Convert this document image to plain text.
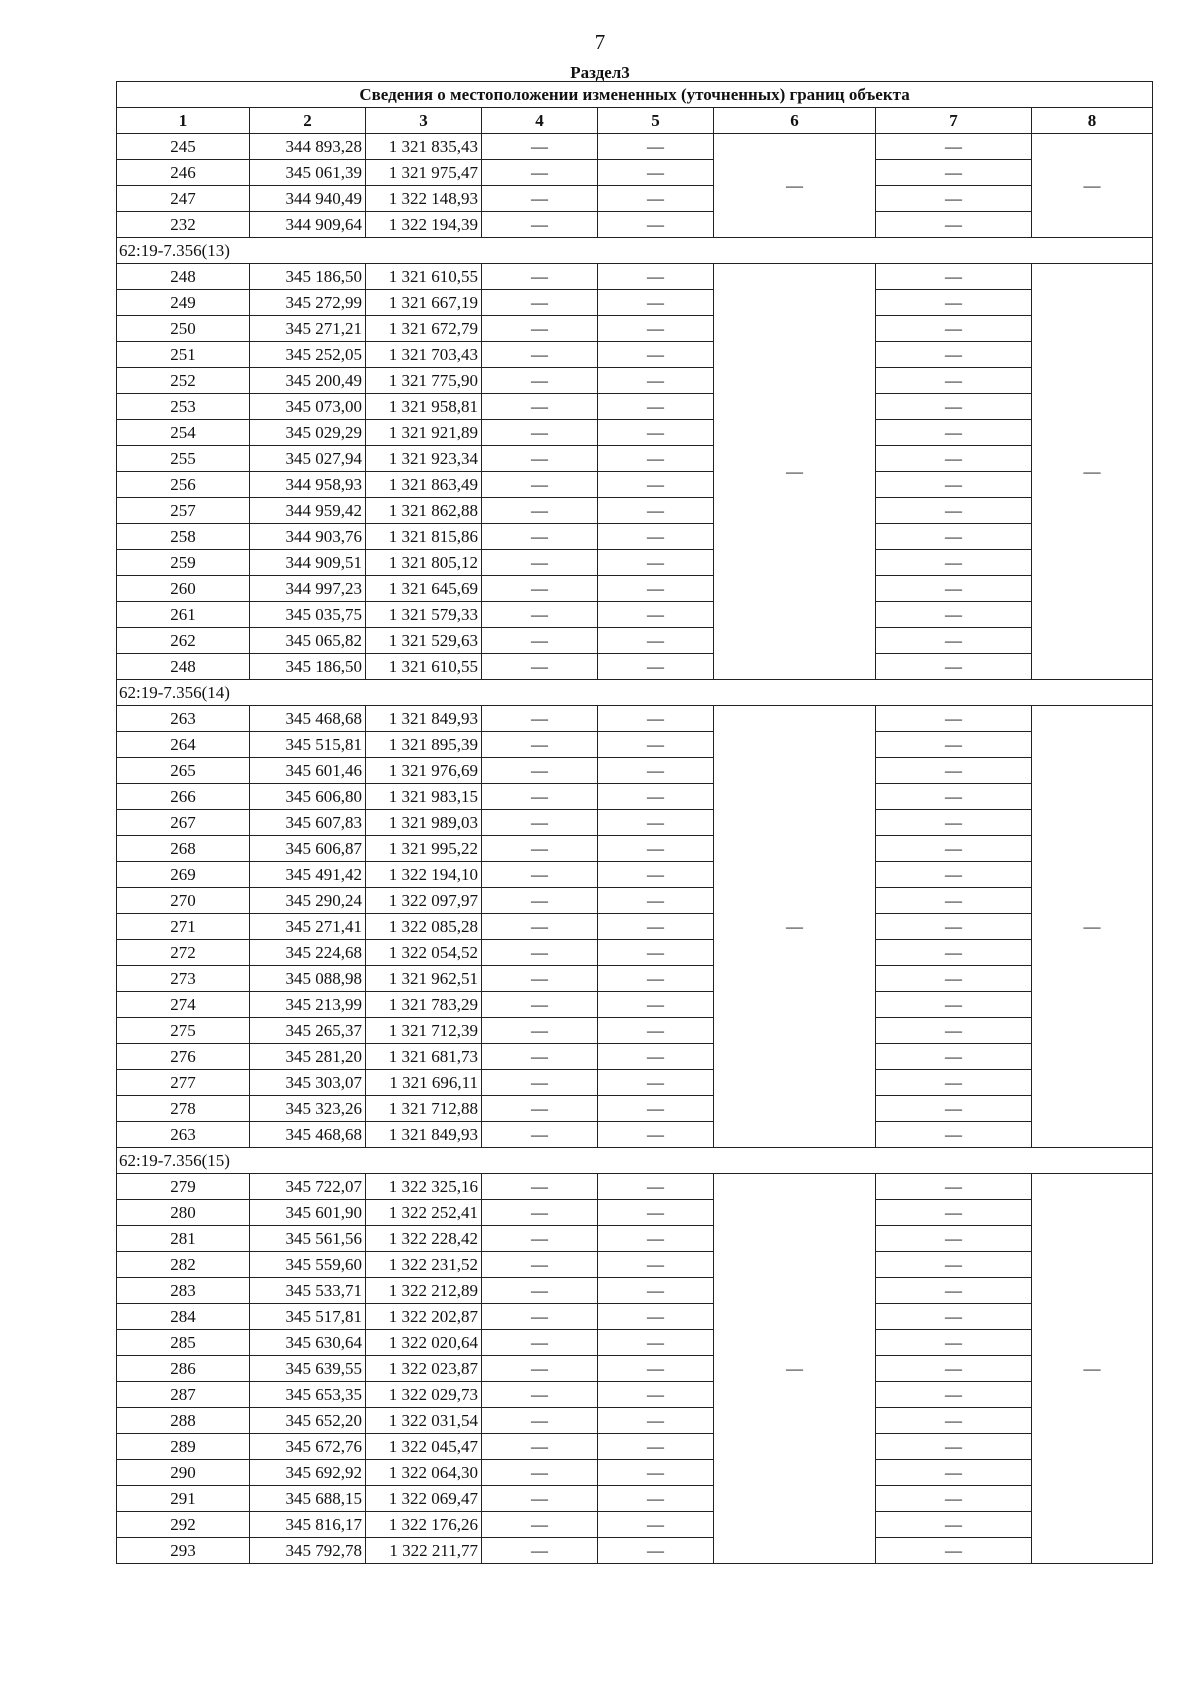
7
Раздел3
Сведения о местоположении измененных (уточненных) границ объекта							
1	2	3	4	5	6	7	8
245	344 893,28	1 321 835,43	—	—	—	—	—
246	345 061,39	1 321 975,47	—	—		—	
247	344 940,49	1 322 148,93	—	—		—	
232	344 909,64	1 322 194,39	—	—		—	
62:19-7.356(13)							
248	345 186,50	1 321 610,55	—	—	—	—	—
249	345 272,99	1 321 667,19	—	—		—	
250	345 271,21	1 321 672,79	—	—		—	
251	345 252,05	1 321 703,43	—	—		—	
252	345 200,49	1 321 775,90	—	—		—	
253	345 073,00	1 321 958,81	—	—		—	
254	345 029,29	1 321 921,89	—	—		—	
255	345 027,94	1 321 923,34	—	—		—	
256	344 958,93	1 321 863,49	—	—		—	
257	344 959,42	1 321 862,88	—	—		—	
258	344 903,76	1 321 815,86	—	—		—	
259	344 909,51	1 321 805,12	—	—		—	
260	344 997,23	1 321 645,69	—	—		—	
261	345 035,75	1 321 579,33	—	—		—	
262	345 065,82	1 321 529,63	—	—		—	
248	345 186,50	1 321 610,55	—	—		—	
62:19-7.356(14)							
263	345 468,68	1 321 849,93	—	—	—	—	—
264	345 515,81	1 321 895,39	—	—		—	
265	345 601,46	1 321 976,69	—	—		—	
266	345 606,80	1 321 983,15	—	—		—	
267	345 607,83	1 321 989,03	—	—		—	
268	345 606,87	1 321 995,22	—	—		—	
269	345 491,42	1 322 194,10	—	—		—	
270	345 290,24	1 322 097,97	—	—		—	
271	345 271,41	1 322 085,28	—	—		—	
272	345 224,68	1 322 054,52	—	—		—	
273	345 088,98	1 321 962,51	—	—		—	
274	345 213,99	1 321 783,29	—	—		—	
275	345 265,37	1 321 712,39	—	—		—	
276	345 281,20	1 321 681,73	—	—		—	
277	345 303,07	1 321 696,11	—	—		—	
278	345 323,26	1 321 712,88	—	—		—	
263	345 468,68	1 321 849,93	—	—		—	
62:19-7.356(15)							
279	345 722,07	1 322 325,16	—	—	—	—	—
280	345 601,90	1 322 252,41	—	—		—	
281	345 561,56	1 322 228,42	—	—		—	
282	345 559,60	1 322 231,52	—	—		—	
283	345 533,71	1 322 212,89	—	—		—	
284	345 517,81	1 322 202,87	—	—		—	
285	345 630,64	1 322 020,64	—	—		—	
286	345 639,55	1 322 023,87	—	—		—	
287	345 653,35	1 322 029,73	—	—		—	
288	345 652,20	1 322 031,54	—	—		—	
289	345 672,76	1 322 045,47	—	—		—	
290	345 692,92	1 322 064,30	—	—		—	
291	345 688,15	1 322 069,47	—	—		—	
292	345 816,17	1 322 176,26	—	—		—	
293	345 792,78	1 322 211,77	—	—		—	
